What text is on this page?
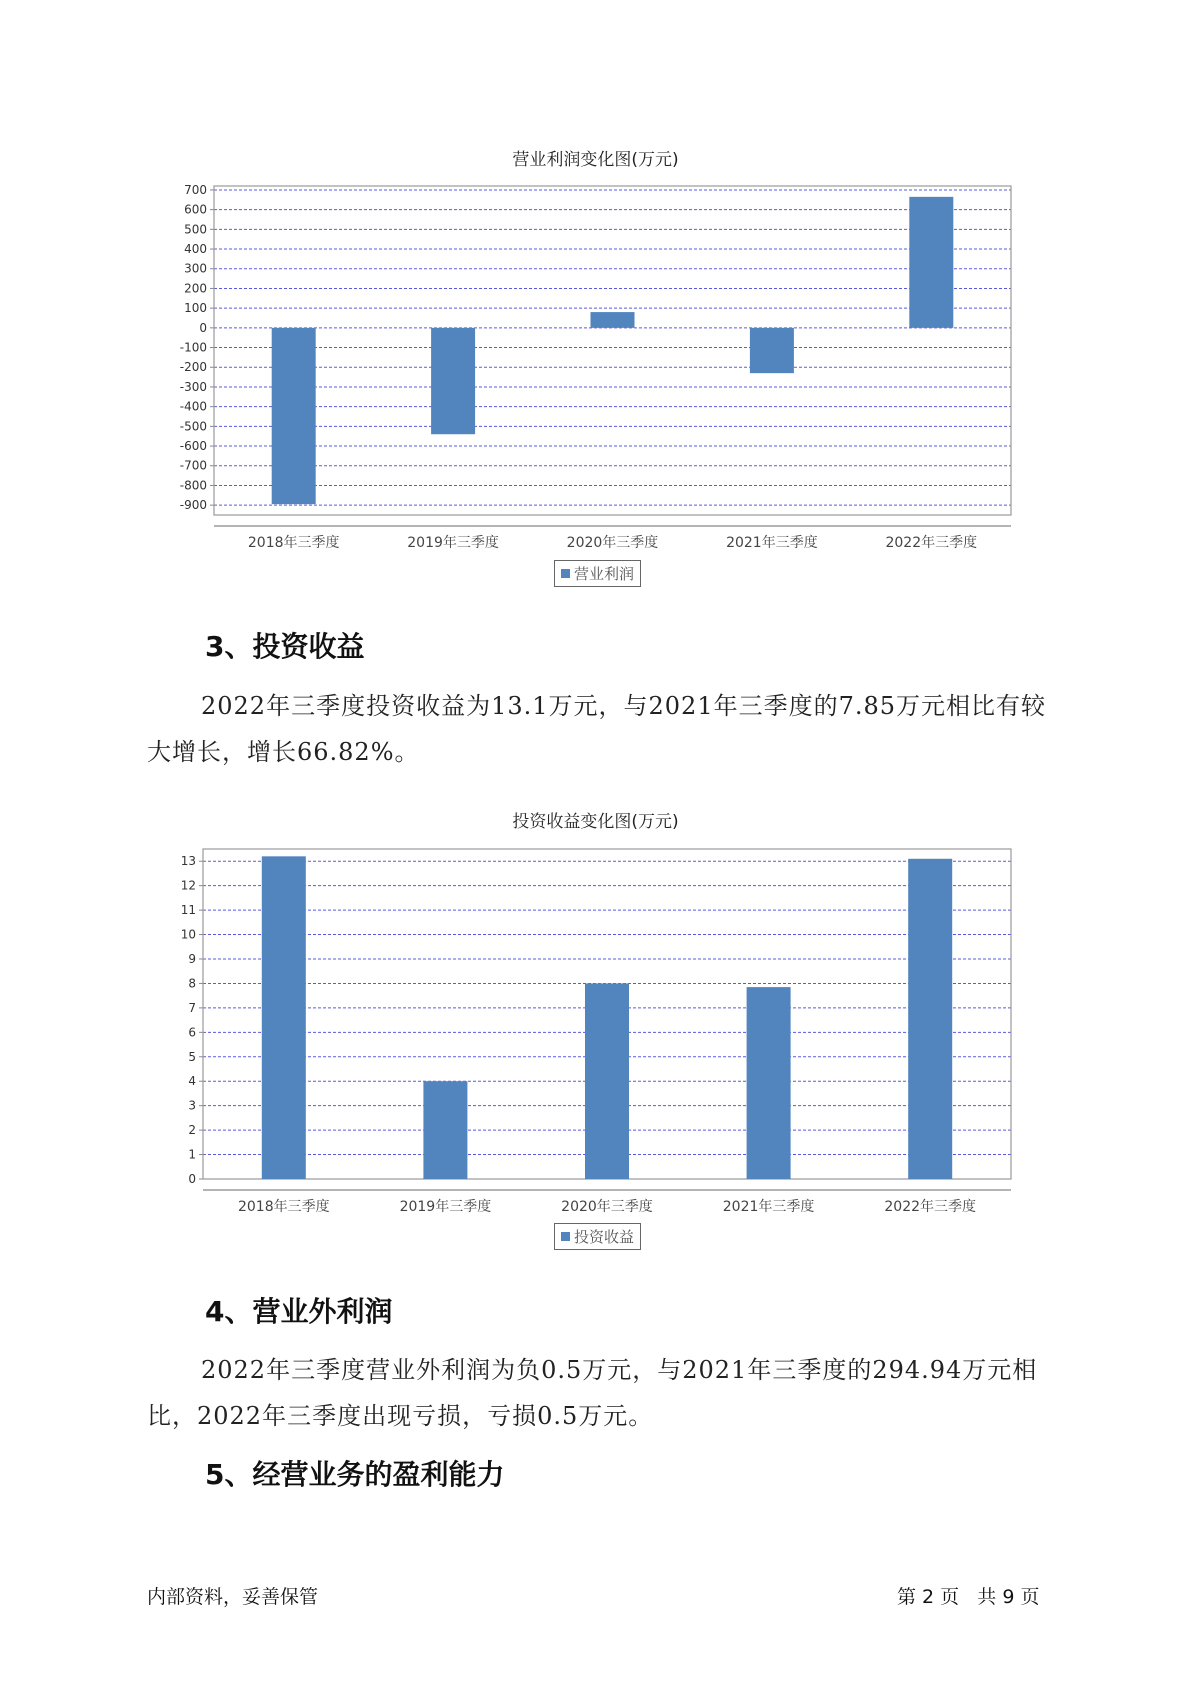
营业利润变化图(万元)
700
600
500
400
300
200
100
0
-100
-200
-300
-400
-500
-600
-700
-800
-900
2018年三季度	2019年三季度	2020年三季度	2021年三季度	2022年三季度
营业利润
3、投资收益
2022年三季度投资收益为13.1万元，与2021年三季度的7.85万元相比有较大增长，增长66.82%。
投资收益变化图(万元)
13
12
11
10
9
8
7
6
5
4
3
2
1
0
2018年三季度	2019年三季度	2020年三季度	2021年三季度	2022年三季度
投资收益
4、营业外利润
2022年三季度营业外利润为负0.5万元，与2021年三季度的294.94万元相比，2022年三季度出现亏损，亏损0.5万元。
5、经营业务的盈利能力
内部资料，妥善保管	第 2 页   共 9 页
